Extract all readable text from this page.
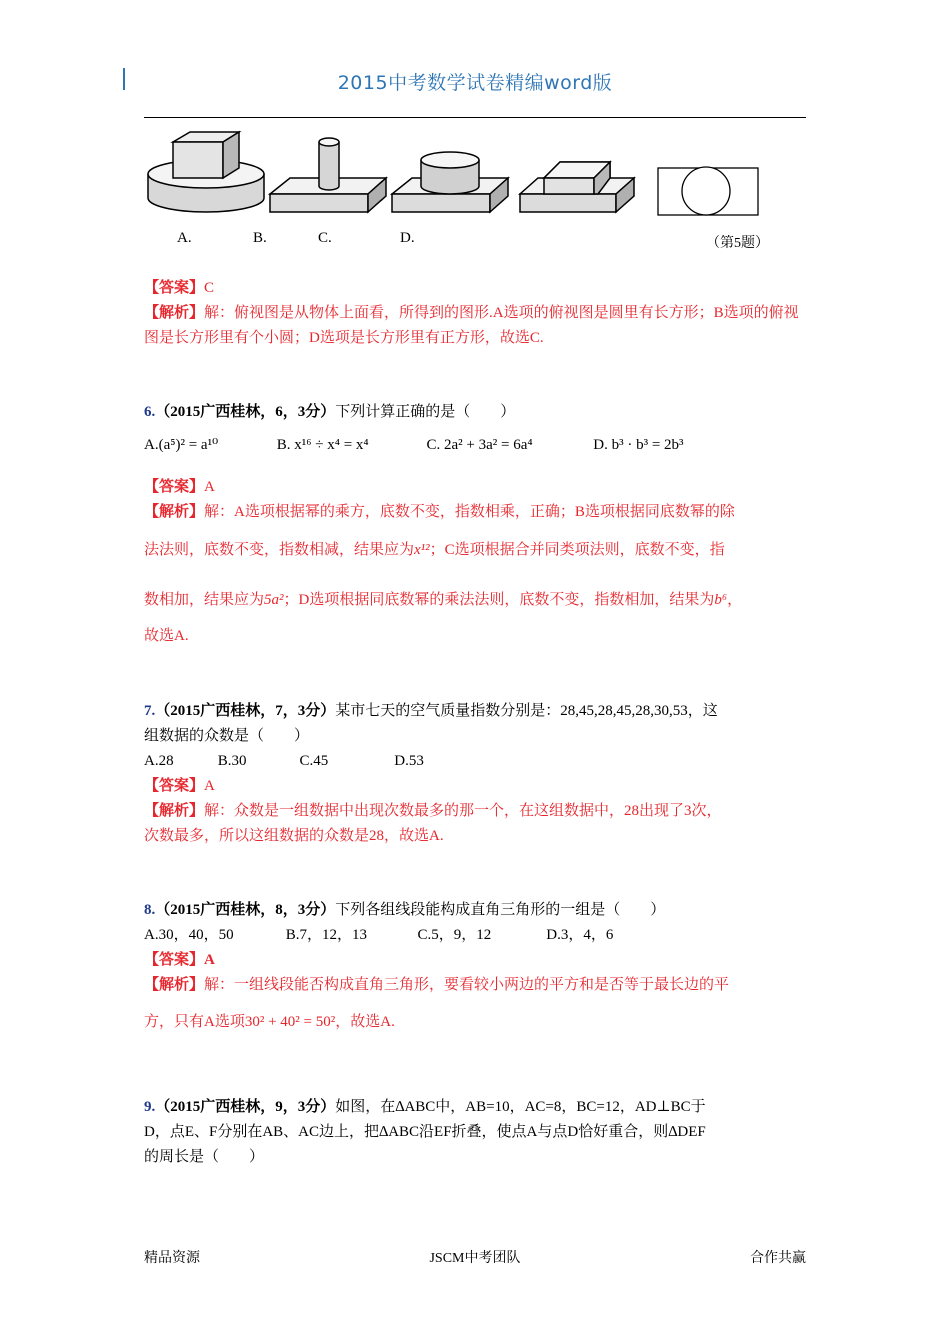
2015中考数学试卷精编word版
A.	B.	C.	D.	（第5题）
【答案】C
【解析】解：俯视图是从物体上面看，所得到的图形.A选项的俯视图是圆里有长方形；B选项的俯视图是长方形里有个小圆；D选项是长方形里有正方形，故选C.
6.（2015广西桂林，6，3分）下列计算正确的是（　　）
A.(a⁵)² = a¹⁰	B. x¹⁶ ÷ x⁴ = x⁴	C. 2a² + 3a² = 6a⁴	D. b³ · b³ = 2b³
【答案】A
【解析】解：A选项根据幂的乘方，底数不变，指数相乘，正确；B选项根据同底数幂的除
法法则，底数不变，指数相减，结果应为x¹²；C选项根据合并同类项法则，底数不变，指
数相加，结果应为5a²；D选项根据同底数幂的乘法法则，底数不变，指数相加，结果为b⁶，
故选A.
7.（2015广西桂林，7，3分）某市七天的空气质量指数分别是：28,45,28,45,28,30,53，这
组数据的众数是（　　）
A.28	B.30	C.45	D.53
【答案】A
【解析】解：众数是一组数据中出现次数最多的那一个，在这组数据中，28出现了3次，
次数最多，所以这组数据的众数是28，故选A.
8.（2015广西桂林，8，3分）下列各组线段能构成直角三角形的一组是（　　）
A.30，40，50	B.7，12，13	C.5，9，12	D.3，4，6
【答案】A
【解析】解：一组线段能否构成直角三角形，要看较小两边的平方和是否等于最长边的平
方，只有A选项30² + 40² = 50²，故选A.
9.（2015广西桂林，9，3分）如图，在∆ABC中，AB=10，AC=8，BC=12，AD⊥BC于
D，点E、F分别在AB、AC边上，把∆ABC沿EF折叠，使点A与点D恰好重合，则∆DEF
的周长是（　　）
精品资源	JSCM中考团队	合作共赢
